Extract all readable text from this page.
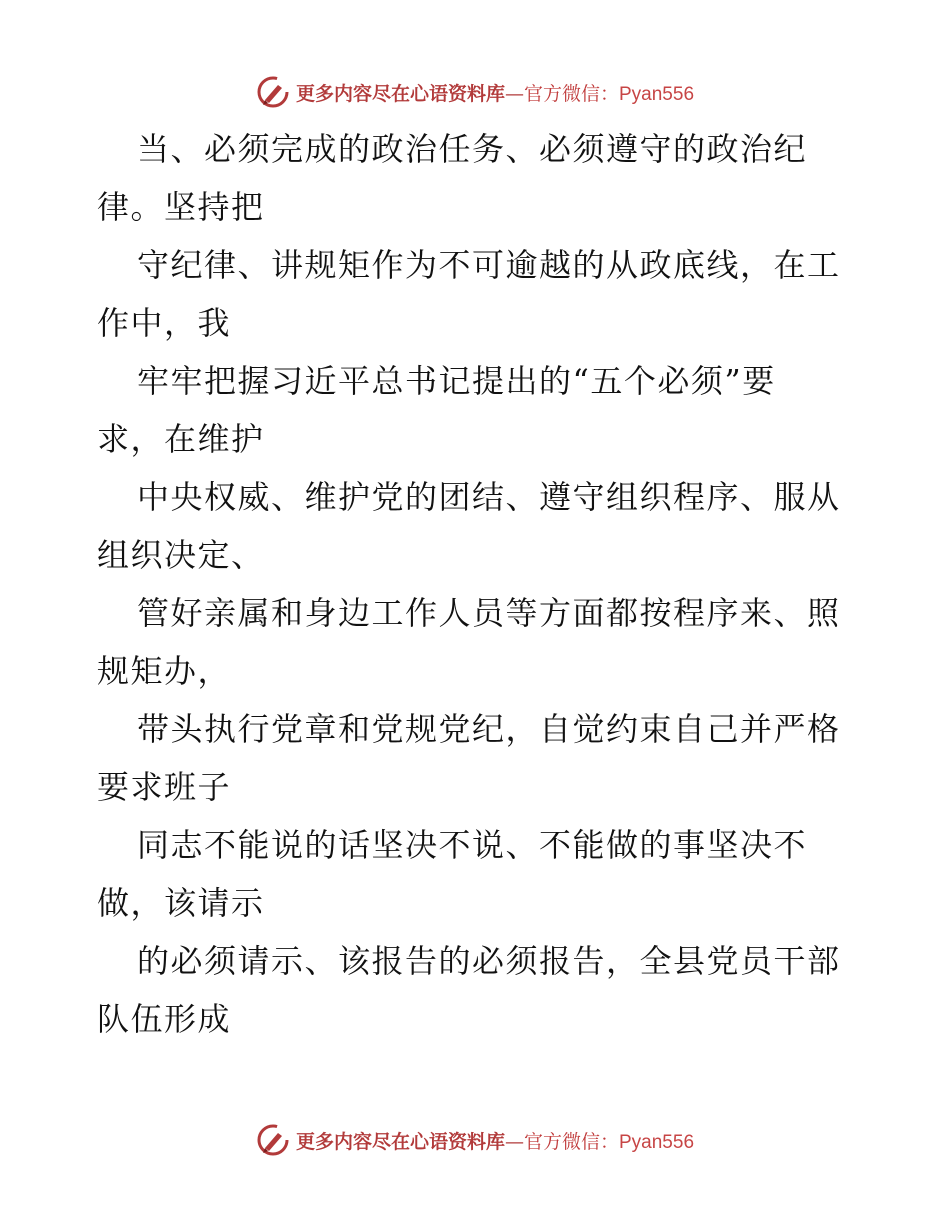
更多内容尽在心语资料库—官方微信：Pyan556

当、必须完成的政治任务、必须遵守的政治纪
律。坚持把

守纪律、讲规矩作为不可逾越的从政底线，在工
作中，我

牢牢把握习近平总书记提出的“五个必须”要
求，在维护

中央权威、维护党的团结、遵守组织程序、服从
组织决定、

管好亲属和身边工作人员等方面都按程序来、照
规矩办，

带头执行党章和党规党纪，自觉约束自己并严格
要求班子

同志不能说的话坚决不说、不能做的事坚决不
做，该请示

的必须请示、该报告的必须报告，全县党员干部
队伍形成

更多内容尽在心语资料库—官方微信：Pyan556
